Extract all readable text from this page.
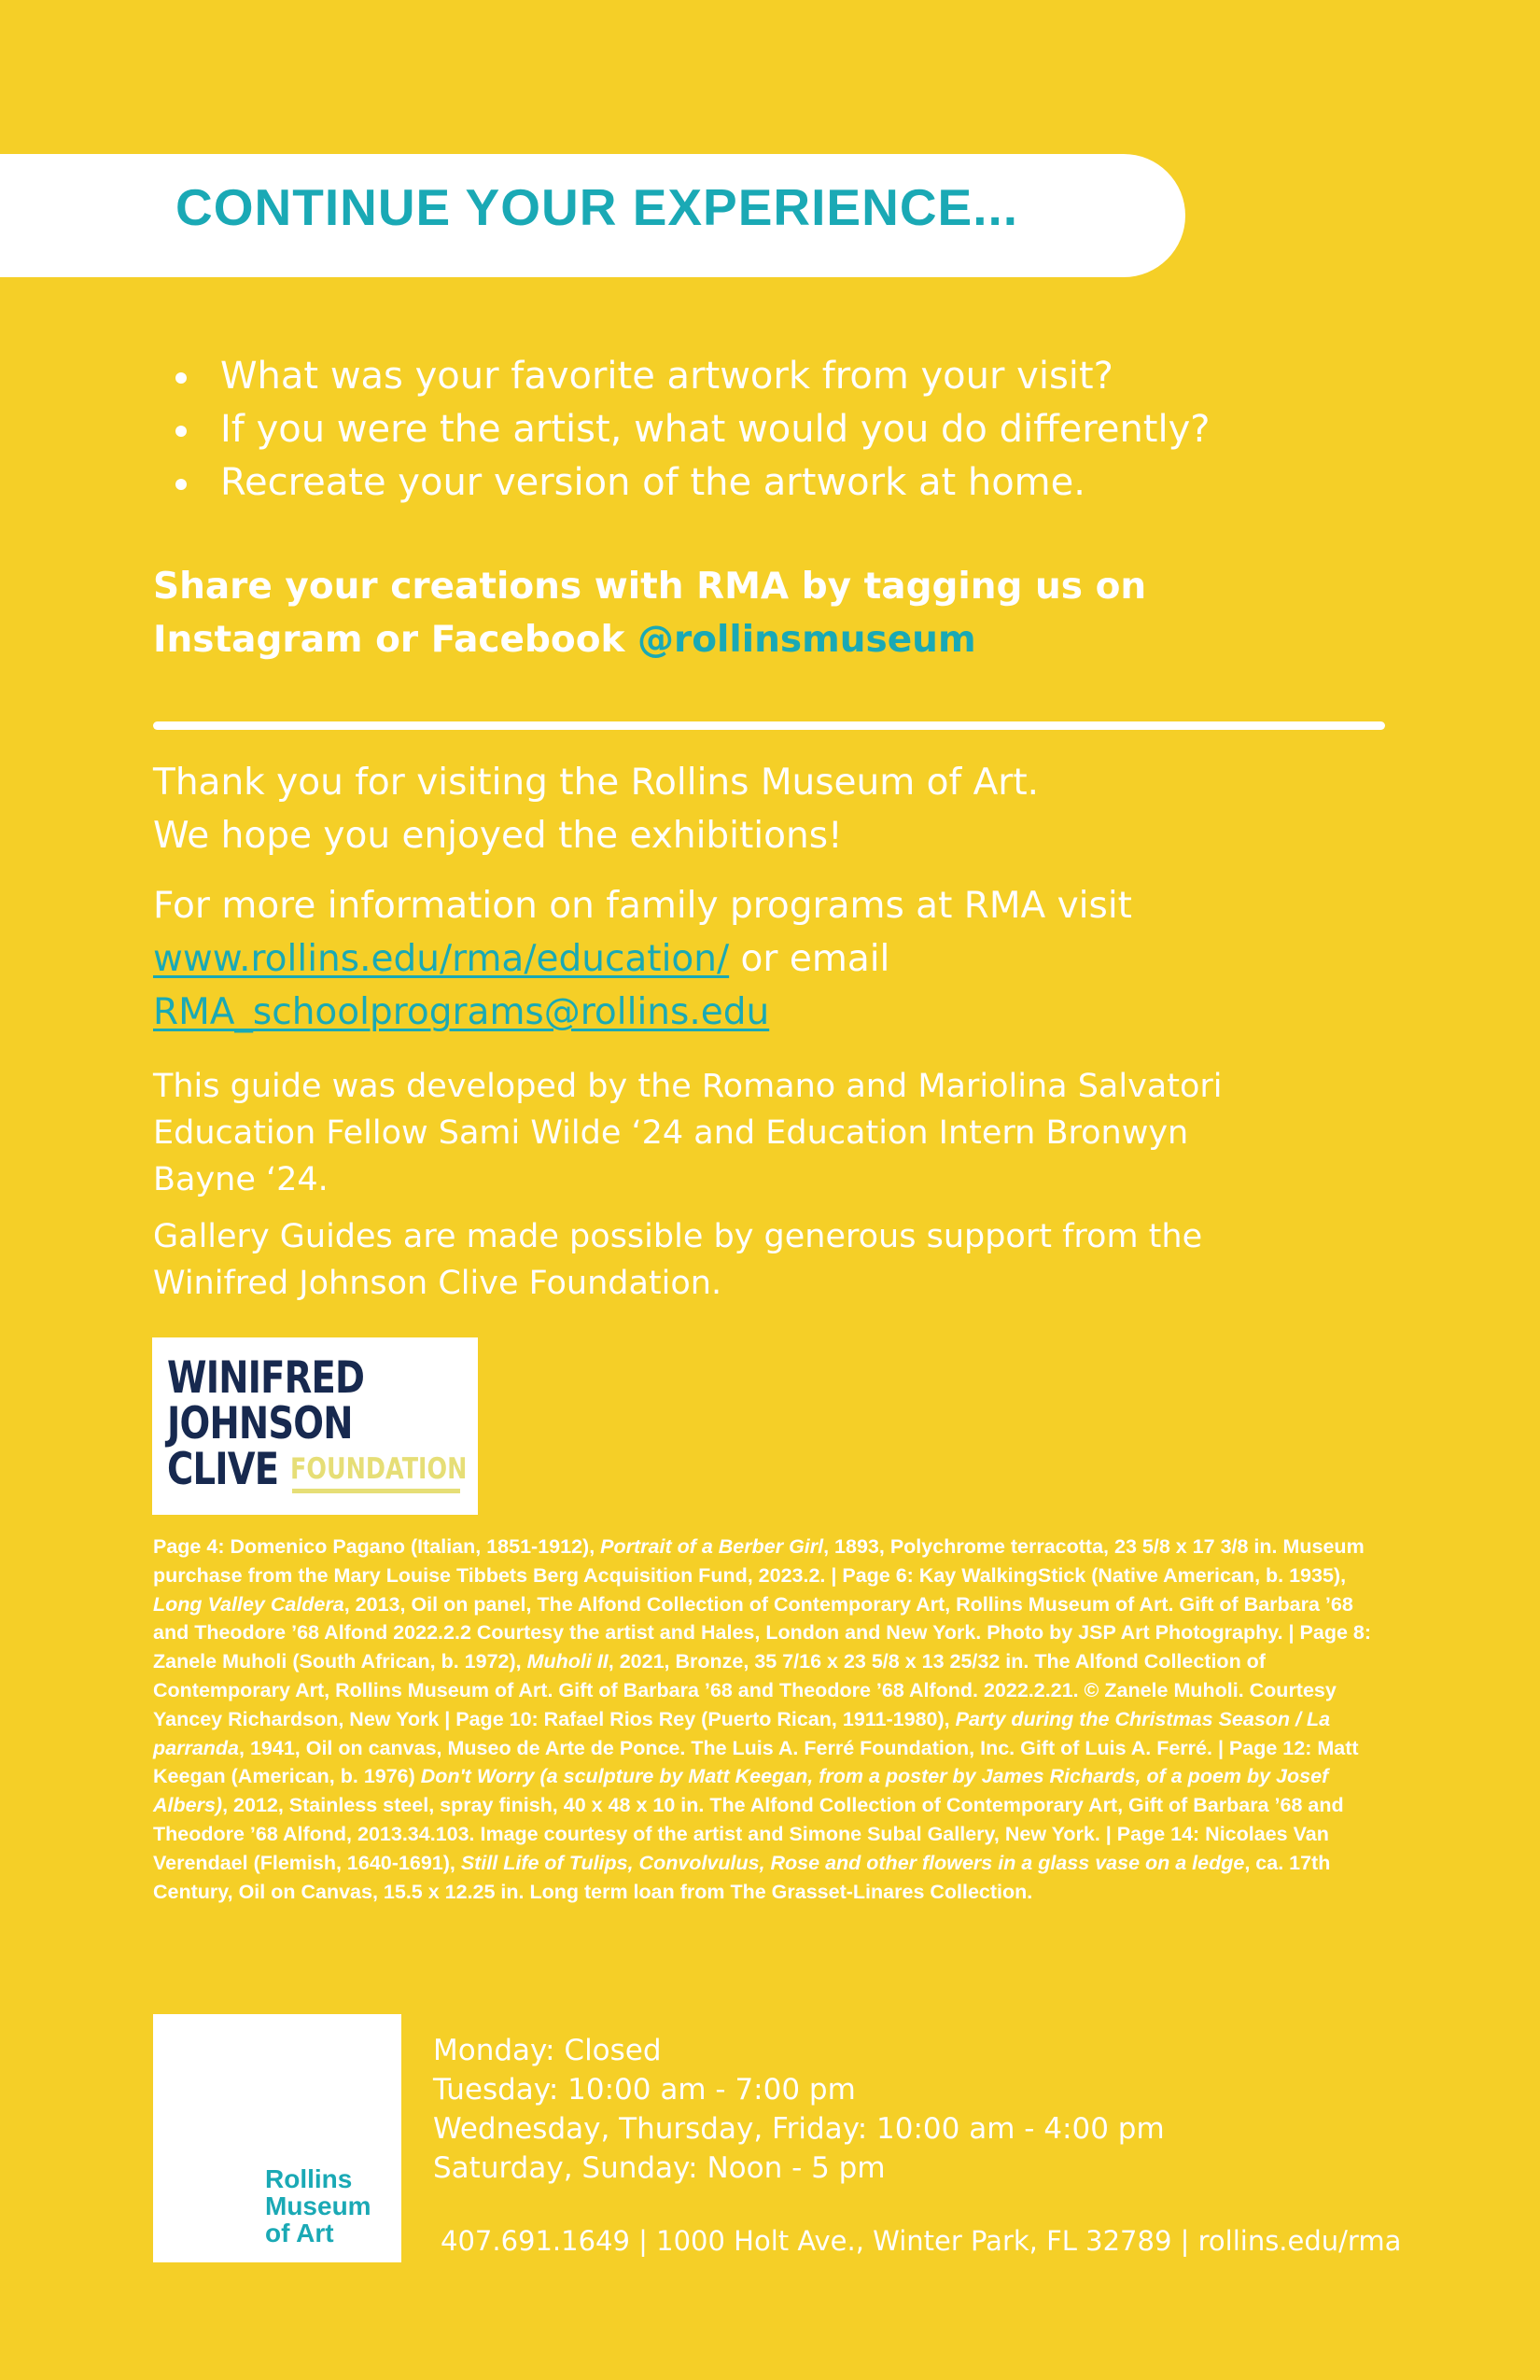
CONTINUE YOUR EXPERIENCE...
What was your favorite artwork from your visit?
If you were the artist, what would you do differently?
Recreate your version of the artwork at home.
Share your creations with RMA by tagging us on
Instagram or Facebook @rollinsmuseum
Thank you for visiting the Rollins Museum of Art.
We hope you enjoyed the exhibitions!
For more information on family programs at RMA visit
www.rollins.edu/rma/education/ or email
RMA_schoolprograms@rollins.edu
This guide was developed by the Romano and Mariolina Salvatori
Education Fellow Sami Wilde ‘24 and Education Intern Bronwyn
Bayne ‘24.
Gallery Guides are made possible by generous support from the
Winifred Johnson Clive Foundation.
WINIFRED
JOHNSON
CLIVE FOUNDATION

Page 4: Domenico Pagano (Italian, 1851-1912), Portrait of a Berber Girl, 1893, Polychrome terracotta, 23 5/8 x 17 3/8 in. Museum purchase from the Mary Louise Tibbets Berg Acquisition Fund, 2023.2. | Page 6: Kay WalkingStick (Native American, b. 1935), Long Valley Caldera, 2013, Oil on panel, The Alfond Collection of Contemporary Art, Rollins Museum of Art. Gift of Barbara ’68 and Theodore ’68 Alfond 2022.2.2 Courtesy the artist and Hales, London and New York. Photo by JSP Art Photography. | Page 8: Zanele Muholi (South African, b. 1972), Muholi II, 2021, Bronze, 35 7/16 x 23 5/8 x 13 25/32 in. The Alfond Collection of Contemporary Art, Rollins Museum of Art. Gift of Barbara ’68 and Theodore ’68 Alfond. 2022.2.21. © Zanele Muholi. Courtesy Yancey Richardson, New York | Page 10: Rafael Rios Rey (Puerto Rican, 1911-1980), Party during the Christmas Season / La parranda, 1941, Oil on canvas, Museo de Arte de Ponce. The Luis A. Ferré Foundation, Inc. Gift of Luis A. Ferré. | Page 12: Matt Keegan (American, b. 1976) Don't Worry (a sculpture by Matt Keegan, from a poster by James Richards, of a poem by Josef Albers), 2012, Stainless steel, spray finish, 40 x 48 x 10 in. The Alfond Collection of Contemporary Art, Gift of Barbara ’68 and Theodore ’68 Alfond, 2013.34.103. Image courtesy of the artist and Simone Subal Gallery, New York. | Page 14: Nicolaes Van Verendael (Flemish, 1640-1691), Still Life of Tulips, Convolvulus, Rose and other flowers in a glass vase on a ledge, ca. 17th Century, Oil on Canvas, 15.5 x 12.25 in. Long term loan from The Grasset-Linares Collection.

Rollins
Museum
of Art
Monday: Closed
Tuesday: 10:00 am - 7:00 pm
Wednesday, Thursday, Friday: 10:00 am - 4:00 pm
Saturday, Sunday: Noon - 5 pm
407.691.1649 | 1000 Holt Ave., Winter Park, FL 32789 | rollins.edu/rma
